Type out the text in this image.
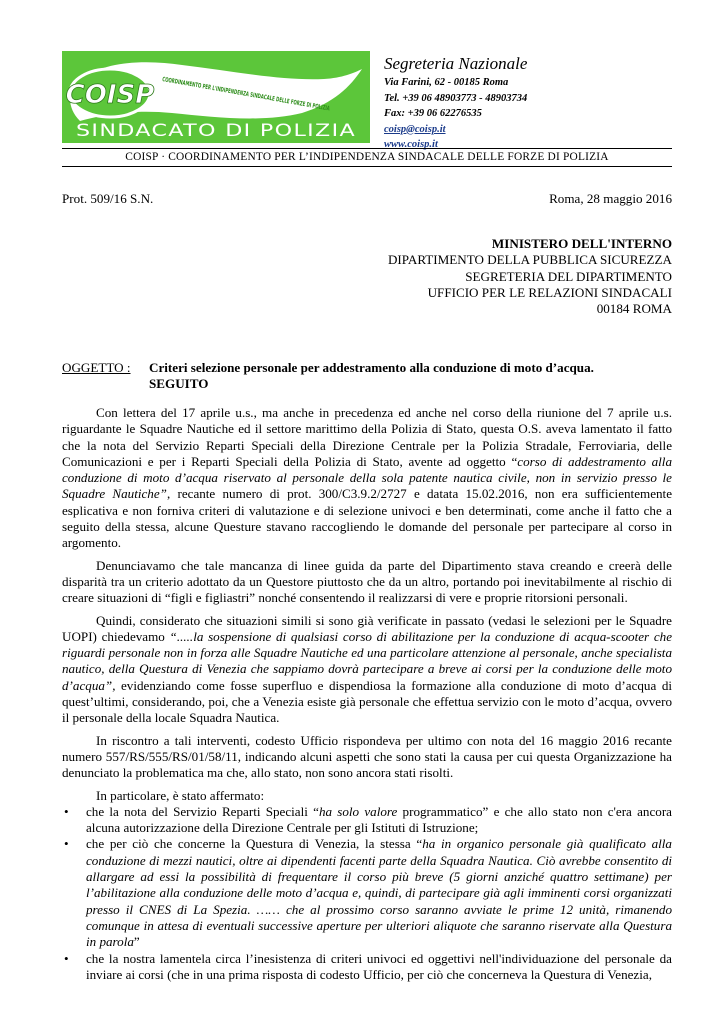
COISP
SINDACATO DI POLIZIA
Segreteria Nazionale
Via Farini, 62 - 00185 Roma
Tel. +39 06 48903773 - 48903734
Fax: +39 06 62276535
coisp@coisp.it
www.coisp.it
COISP · COORDINAMENTO PER L’INDIPENDENZA SINDACALE DELLE FORZE DI POLIZIA
Prot. 509/16 S.N.	Roma, 28 maggio 2016
MINISTERO DELL'INTERNO
DIPARTIMENTO DELLA PUBBLICA SICUREZZA
SEGRETERIA DEL DIPARTIMENTO
UFFICIO PER LE RELAZIONI SINDACALI
00184 ROMA
OGGETTO : Criteri selezione personale per addestramento alla conduzione di moto d’acqua.
SEGUITO

Con lettera del 17 aprile u.s., ma anche in precedenza ed anche nel corso della riunione del 7 aprile u.s. riguardante le Squadre Nautiche ed il settore marittimo della Polizia di Stato, questa O.S. aveva lamentato il fatto che la nota del Servizio Reparti Speciali della Direzione Centrale per la Polizia Stradale, Ferroviaria, delle Comunicazioni e per i Reparti Speciali della Polizia di Stato, avente ad oggetto “corso di addestramento alla conduzione di moto d’acqua riservato al personale della sola patente nautica civile, non in servizio presso le Squadre Nautiche”, recante numero di prot. 300/C3.9.2/2727 e datata 15.02.2016, non era sufficientemente esplicativa e non forniva criteri di valutazione e di selezione univoci e ben determinati, come anche il fatto che a seguito della stessa, alcune Questure stavano raccogliendo le domande del personale per partecipare al corso in argomento.

Denunciavamo che tale mancanza di linee guida da parte del Dipartimento stava creando e creerà delle disparità tra un criterio adottato da un Questore piuttosto che da un altro, portando poi inevitabilmente al rischio di creare situazioni di “figli e figliastri” nonché consentendo il realizzarsi di vere e proprie ritorsioni personali.

Quindi, considerato che situazioni simili si sono già verificate in passato (vedasi le selezioni per le Squadre UOPI) chiedevamo “.....la sospensione di qualsiasi corso di abilitazione per la conduzione di acqua-scooter che riguardi personale non in forza alle Squadre Nautiche ed una particolare attenzione al personale, anche specialista nautico, della Questura di Venezia che sappiamo dovrà partecipare a breve ai corsi per la conduzione delle moto d’acqua”, evidenziando come fosse superfluo e dispendiosa la formazione alla conduzione di moto d’acqua di quest’ultimi, considerando, poi, che a Venezia esiste già personale che effettua servizio con le moto d’acqua, ovvero il personale della locale Squadra Nautica.

In riscontro a tali interventi, codesto Ufficio rispondeva per ultimo con nota del 16 maggio 2016 recante numero 557/RS/555/RS/01/58/11, indicando alcuni aspetti che sono stati la causa per cui questa Organizzazione ha denunciato la problematica ma che, allo stato, non sono ancora stati risolti.

In particolare, è stato affermato:

• che la nota del Servizio Reparti Speciali “ha solo valore programmatico” e che allo stato non c'era ancora alcuna autorizzazione della Direzione Centrale per gli Istituti di Istruzione;
• che per ciò che concerne la Questura di Venezia, la stessa “ha in organico personale già qualificato alla conduzione di mezzi nautici, oltre ai dipendenti facenti parte della Squadra Nautica. Ciò avrebbe consentito di allargare ad essi la possibilità di frequentare il corso più breve (5 giorni anziché quattro settimane) per l’abilitazione alla conduzione delle moto d’acqua e, quindi, di partecipare già agli imminenti corsi organizzati presso il CNES di La Spezia. …… che al prossimo corso saranno avviate le prime 12 unità, rimanendo comunque in attesa di eventuali successive aperture per ulteriori aliquote che saranno riservate alla Questura in parola”
• che la nostra lamentela circa l’inesistenza di criteri univoci ed oggettivi nell'individuazione del personale da inviare ai corsi (che in una prima risposta di codesto Ufficio, per ciò che concerneva la Questura di Venezia,
